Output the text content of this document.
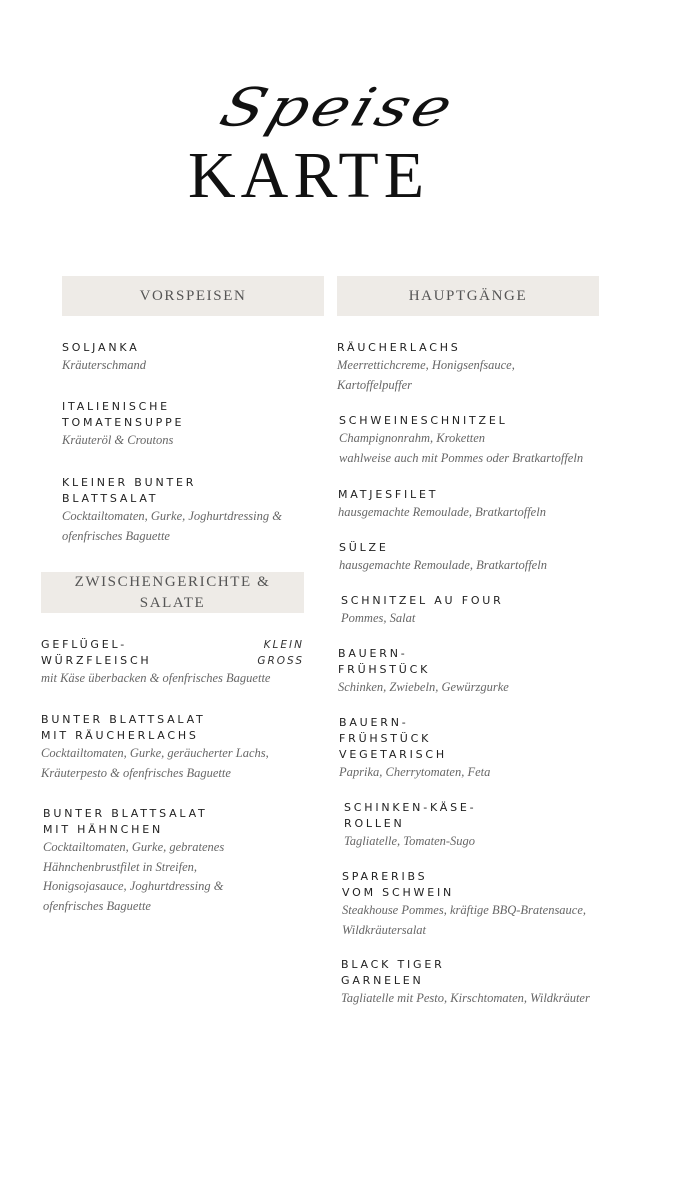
Speise
KARTE
VORSPEISEN
SOLJANKA
Kräuterschmand
ITALIENISCHE
TOMATENSUPPE
Kräuteröl & Croutons
KLEINER BUNTER
BLATTSALAT
Cocktailtomaten, Gurke, Joghurtdressing &
ofenfrisches Baguette
ZWISCHENGERICHTE &
SALATE
GEFLÜGEL-
WÜRZFLEISCH
KLEIN
GROSS
mit Käse überbacken & ofenfrisches Baguette
BUNTER BLATTSALAT
MIT RÄUCHERLACHS
Cocktailtomaten, Gurke, geräucherter Lachs,
Kräuterpesto & ofenfrisches Baguette
BUNTER BLATTSALAT
MIT HÄHNCHEN
Cocktailtomaten, Gurke, gebratenes
Hähnchenbrustfilet in Streifen,
Honigsojasauce, Joghurtdressing &
ofenfrisches Baguette
HAUPTGÄNGE
RÄUCHERLACHS
Meerrettichcreme, Honigsenfsauce,
Kartoffelpuffer
SCHWEINESCHNITZEL
Champignonrahm, Kroketten
wahlweise auch mit Pommes oder Bratkartoffeln
MATJESFILET
hausgemachte Remoulade, Bratkartoffeln
SÜLZE
hausgemachte Remoulade, Bratkartoffeln
SCHNITZEL AU FOUR
Pommes, Salat
BAUERN-
FRÜHSTÜCK
Schinken, Zwiebeln, Gewürzgurke
BAUERN-
FRÜHSTÜCK
VEGETARISCH
Paprika, Cherrytomaten, Feta
SCHINKEN-KÄSE-
ROLLEN
Tagliatelle, Tomaten-Sugo
SPARERIBS
VOM SCHWEIN
Steakhouse Pommes, kräftige BBQ-Bratensauce,
Wildkräutersalat
BLACK TIGER
GARNELEN
Tagliatelle mit Pesto, Kirschtomaten, Wildkräuter
